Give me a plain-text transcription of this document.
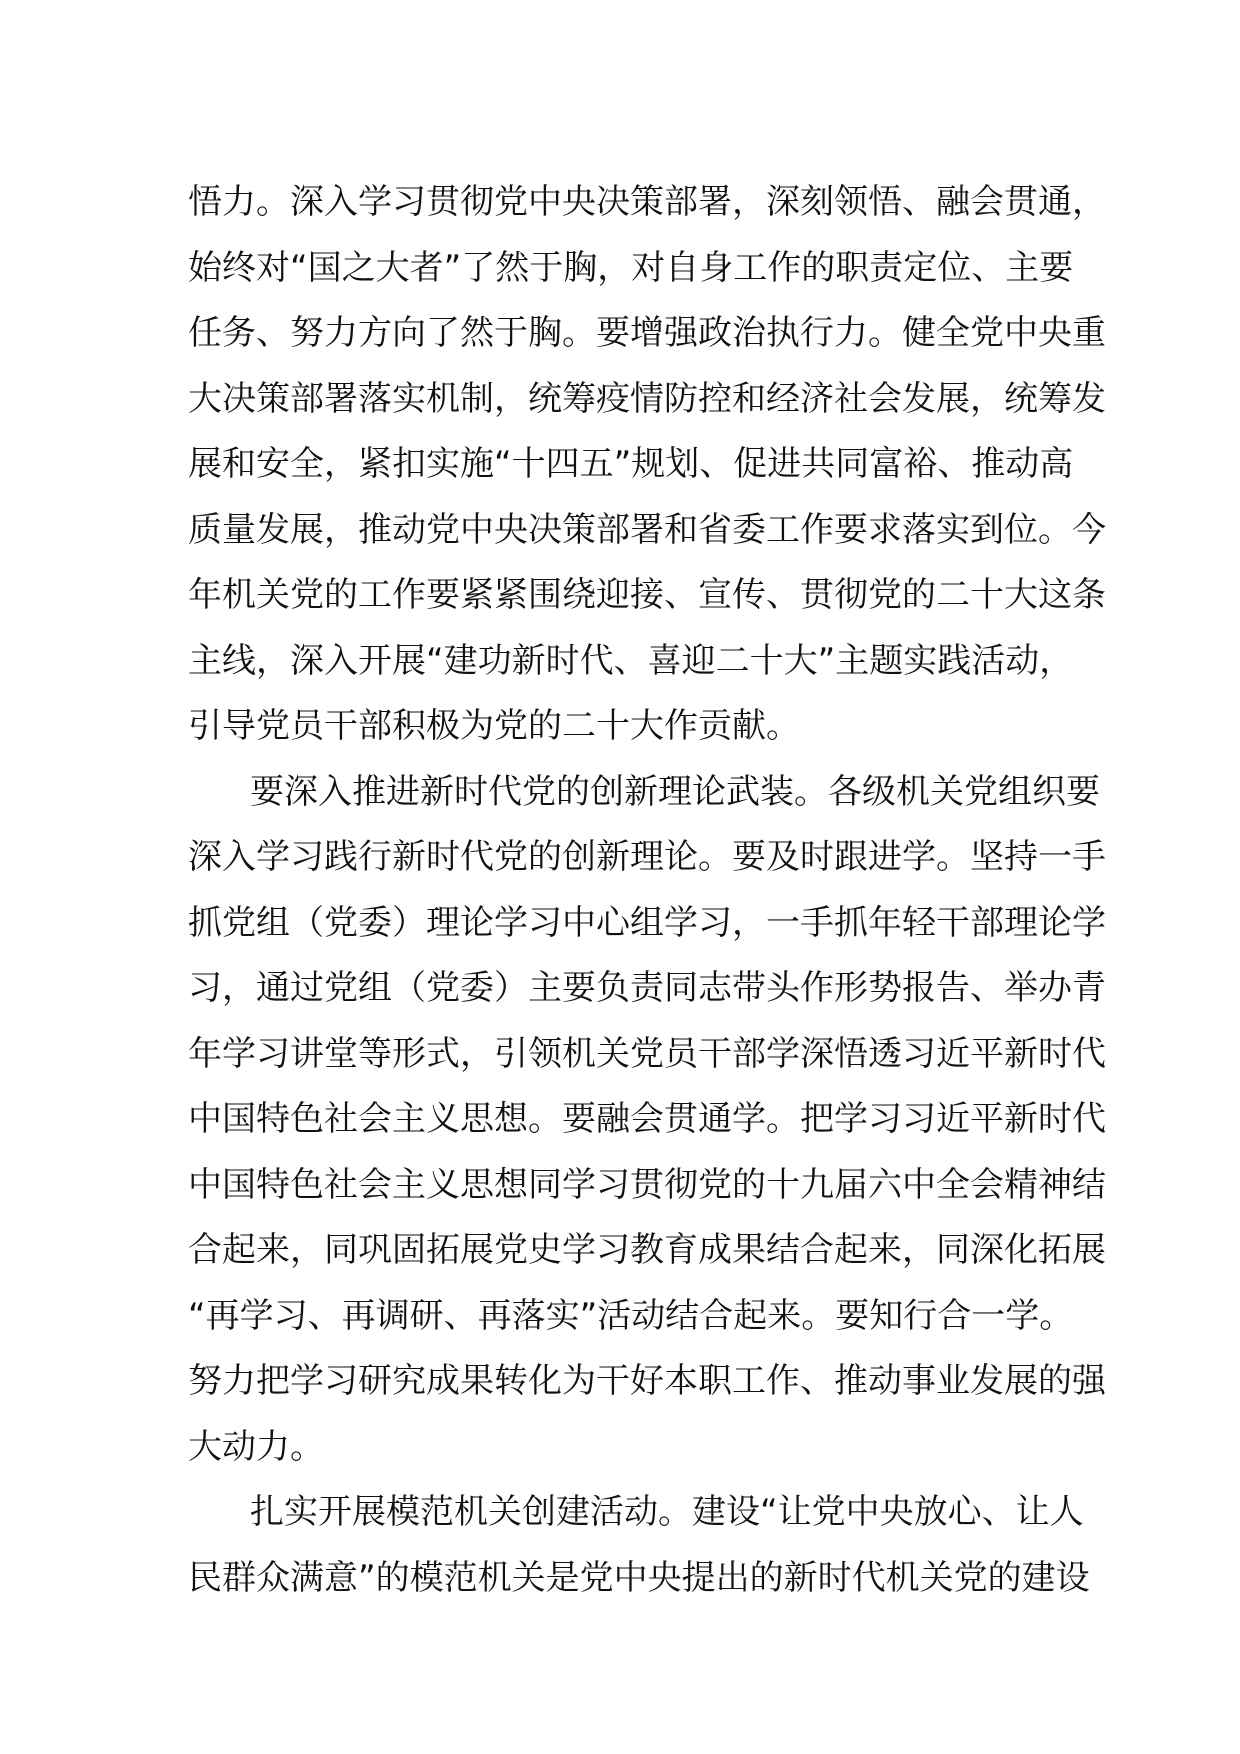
悟力。深入学习贯彻党中央决策部署，深刻领悟、融会贯通，
始终对“国之大者”了然于胸，对自身工作的职责定位、主要
任务、努力方向了然于胸。要增强政治执行力。健全党中央重
大决策部署落实机制，统筹疫情防控和经济社会发展，统筹发
展和安全，紧扣实施“十四五”规划、促进共同富裕、推动高
质量发展，推动党中央决策部署和省委工作要求落实到位。今
年机关党的工作要紧紧围绕迎接、宣传、贯彻党的二十大这条
主线，深入开展“建功新时代、喜迎二十大”主题实践活动，
引导党员干部积极为党的二十大作贡献。
要深入推进新时代党的创新理论武装。各级机关党组织要
深入学习践行新时代党的创新理论。要及时跟进学。坚持一手
抓党组（党委）理论学习中心组学习，一手抓年轻干部理论学
习，通过党组（党委）主要负责同志带头作形势报告、举办青
年学习讲堂等形式，引领机关党员干部学深悟透习近平新时代
中国特色社会主义思想。要融会贯通学。把学习习近平新时代
中国特色社会主义思想同学习贯彻党的十九届六中全会精神结
合起来，同巩固拓展党史学习教育成果结合起来，同深化拓展
“再学习、再调研、再落实”活动结合起来。要知行合一学。
努力把学习研究成果转化为干好本职工作、推动事业发展的强
大动力。
扎实开展模范机关创建活动。建设“让党中央放心、让人
民群众满意”的模范机关是党中央提出的新时代机关党的建设
